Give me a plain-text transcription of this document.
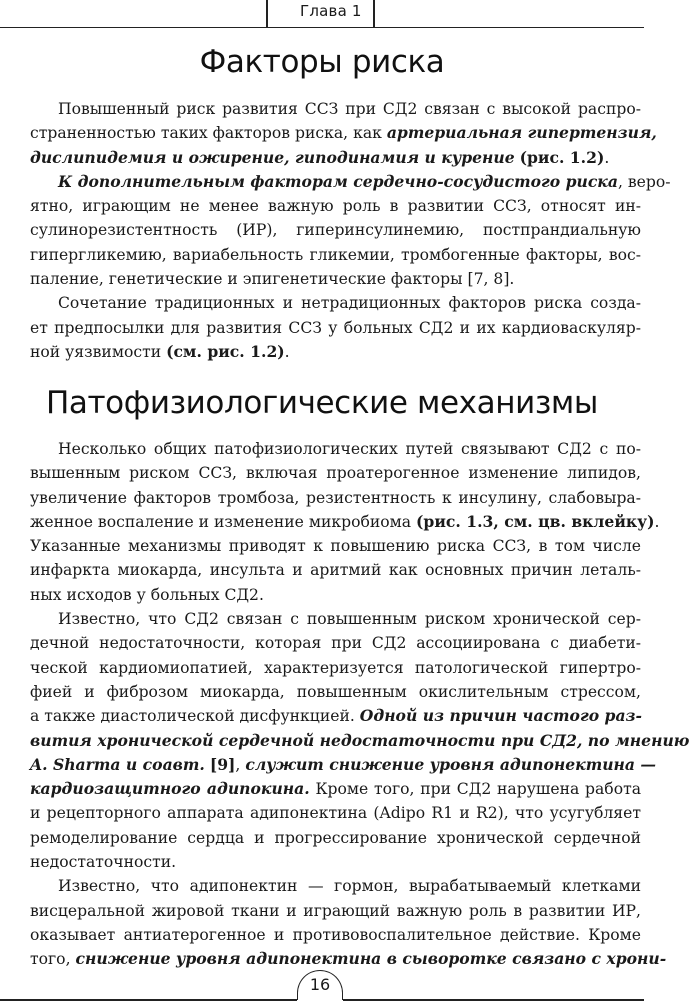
Глава 1
Факторы риска
Повышенный риск развития ССЗ при СД2 связан с высокой распро-
страненностью таких факторов риска, как артериальная гипертензия,
дислипидемия и ожирение, гиподинамия и курение (рис. 1.2).
К дополнительным факторам сердечно-сосудистого риска, веро-
ятно, играющим не менее важную роль в развитии ССЗ, относят ин-
сулинорезистентность (ИР), гиперинсулинемию, постпрандиальную
гипергликемию, вариабельность гликемии, тромбогенные факторы, вос-
паление, генетические и эпигенетические факторы [7, 8].
Сочетание традиционных и нетрадиционных факторов риска созда-
ет предпосылки для развития ССЗ у больных СД2 и их кардиоваскуляр-
ной уязвимости (см. рис. 1.2).
Патофизиологические механизмы
Несколько общих патофизиологических путей связывают СД2 с по-
вышенным риском ССЗ, включая проатерогенное изменение липидов,
увеличение факторов тромбоза, резистентность к инсулину, слабовыра-
женное воспаление и изменение микробиома (рис. 1.3, см. цв. вклейку).
Указанные механизмы приводят к повышению риска ССЗ, в том числе
инфаркта миокарда, инсульта и аритмий как основных причин леталь-
ных исходов у больных СД2.
Известно, что СД2 связан с повышенным риском хронической сер-
дечной недостаточности, которая при СД2 ассоциирована с диабети-
ческой кардиомиопатией, характеризуется патологической гипертро-
фией и фиброзом миокарда, повышенным окислительным стрессом,
а также диастолической дисфункцией. Одной из причин частого раз-
вития хронической сердечной недостаточности при СД2, по мнению
A. Sharma и соавт. [9], служит снижение уровня адипонектина —
кардиозащитного адипокина. Кроме того, при СД2 нарушена работа
и рецепторного аппарата адипонектина (Adipo R1 и R2), что усугубляет
ремоделирование сердца и прогрессирование хронической сердечной
недостаточности.
Известно, что адипонектин — гормон, вырабатываемый клетками
висцеральной жировой ткани и играющий важную роль в развитии ИР,
оказывает антиатерогенное и противовоспалительное действие. Кроме
того, снижение уровня адипонектина в сыворотке связано с хрони-
16
